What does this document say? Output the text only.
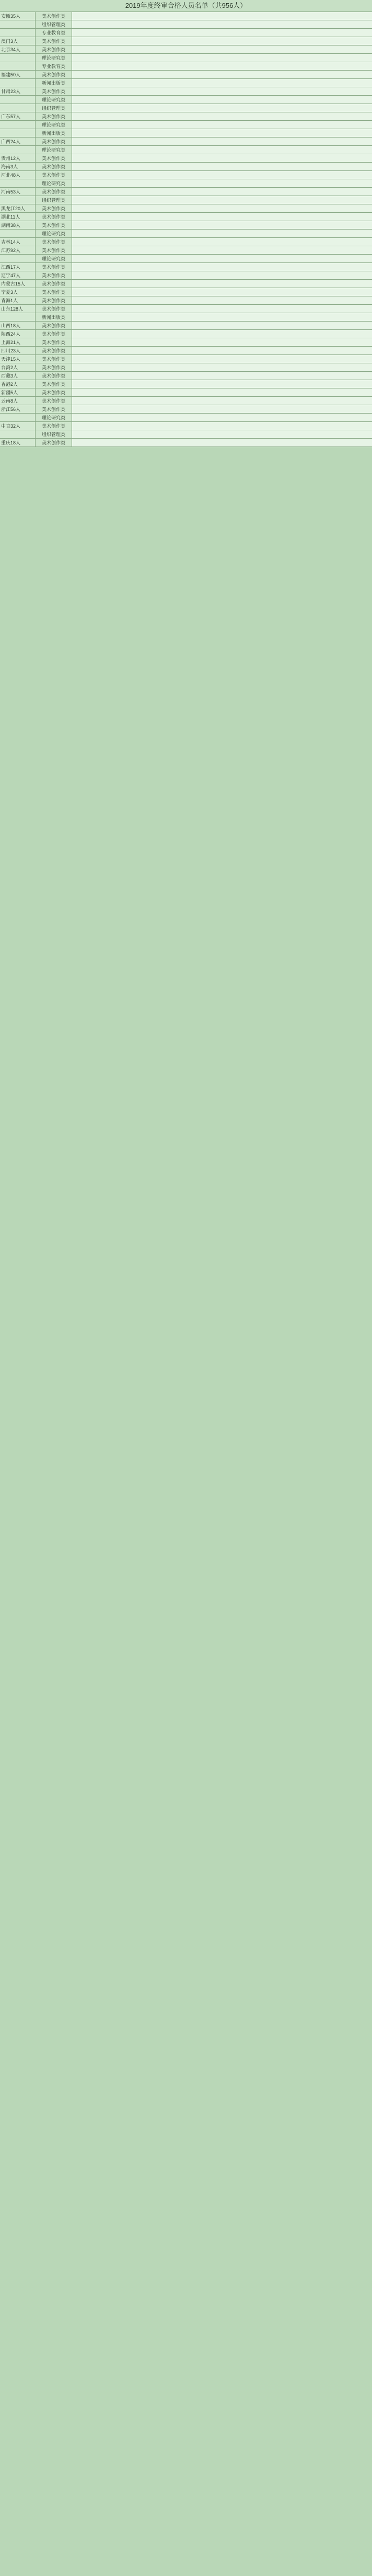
2019年度终审合格人员名单（共956人）
安徽35人	美术创作类
组织管理类
专业教育类
澳门3人	美术创作类
北京34人	美术创作类
理论研究类
专业教育类
福建50人	美术创作类
新闻出版类
甘肃23人	美术创作类
理论研究类
组织管理类
广东57人	美术创作类
理论研究类
新闻出版类
广西24人	美术创作类
理论研究类
贵州12人	美术创作类
海南3人	美术创作类
河北48人	美术创作类
理论研究类
河南53人	美术创作类
组织管理类
黑龙江20人	美术创作类
湖北11人	美术创作类
湖南38人	美术创作类
理论研究类
吉林14人	美术创作类
江苏92人	美术创作类
理论研究类
江西17人	美术创作类
辽宁47人	美术创作类
内蒙古15人	美术创作类
宁夏3人	美术创作类
青海1人	美术创作类
山东128人	美术创作类
新闻出版类
山西18人	美术创作类
陕西24人	美术创作类
上海21人	美术创作类
四川23人	美术创作类
天津15人	美术创作类
台湾2人	美术创作类
西藏3人	美术创作类
香港2人	美术创作类
新疆5人	美术创作类
云南8人	美术创作类
浙江56人	美术创作类
理论研究类
中直32人	美术创作类
组织管理类
重庆18人	美术创作类
